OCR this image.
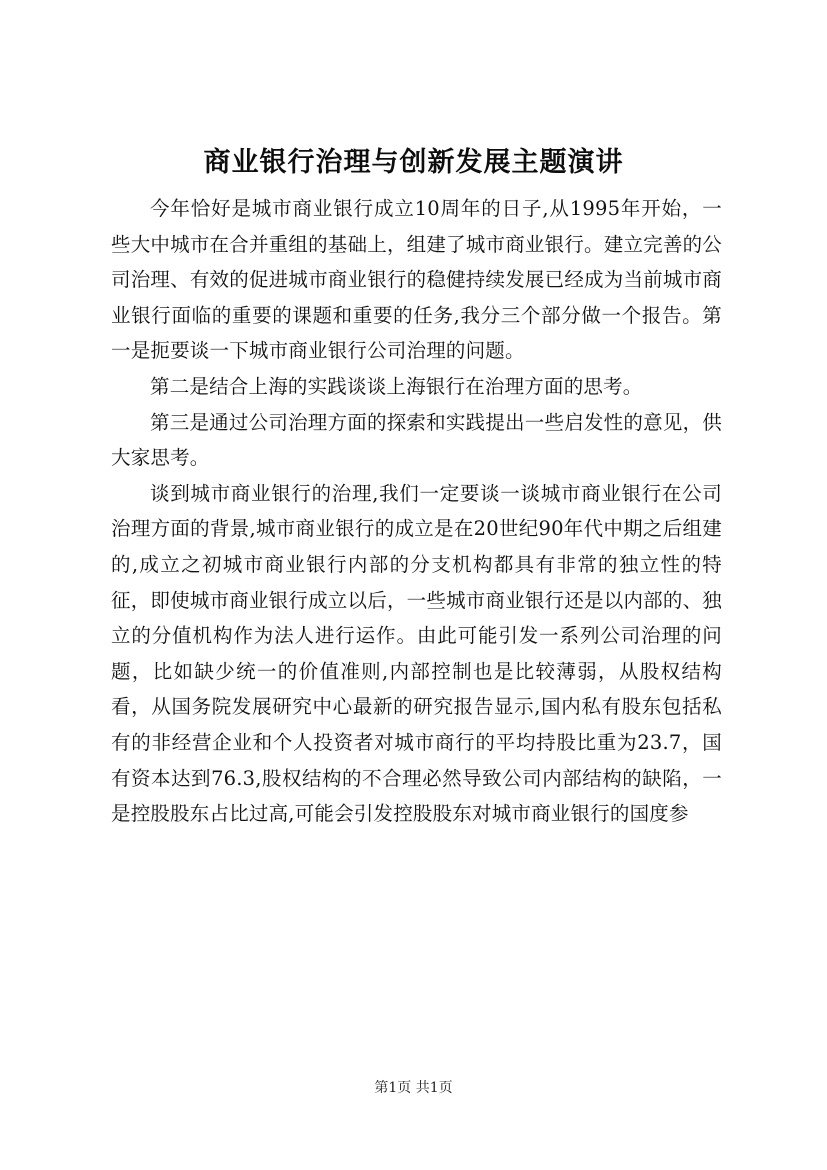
商业银行治理与创新发展主题演讲

今年恰好是城市商业银行成立10周年的日子,从1995年开始，一些大中城市在合并重组的基础上，组建了城市商业银行。建立完善的公司治理、有效的促进城市商业银行的稳健持续发展已经成为当前城市商业银行面临的重要的课题和重要的任务,我分三个部分做一个报告。第一是扼要谈一下城市商业银行公司治理的问题。

第二是结合上海的实践谈谈上海银行在治理方面的思考。

第三是通过公司治理方面的探索和实践提出一些启发性的意见，供大家思考。

谈到城市商业银行的治理,我们一定要谈一谈城市商业银行在公司治理方面的背景,城市商业银行的成立是在20世纪90年代中期之后组建的,成立之初城市商业银行内部的分支机构都具有非常的独立性的特征，即使城市商业银行成立以后，一些城市商业银行还是以内部的、独立的分值机构作为法人进行运作。由此可能引发一系列公司治理的问题，比如缺少统一的价值准则,内部控制也是比较薄弱，从股权结构看，从国务院发展研究中心最新的研究报告显示,国内私有股东包括私有的非经营企业和个人投资者对城市商行的平均持股比重为23.7，国有资本达到76.3,股权结构的不合理必然导致公司内部结构的缺陷，一是控股股东占比过高,可能会引发控股股东对城市商业银行的国度参

第1页 共1页
